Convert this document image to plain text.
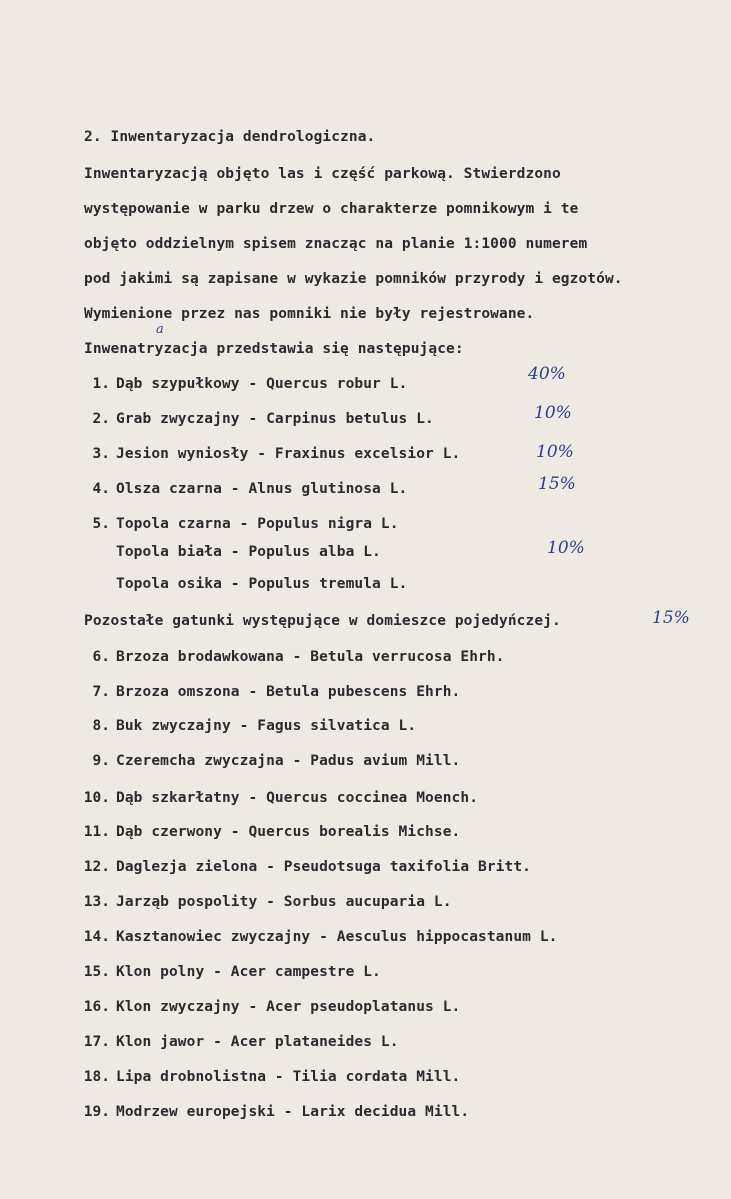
2. Inwentaryzacja dendrologiczna.
Inwentaryzacją objęto las i część parkową. Stwierdzono
występowanie w parku drzew o charakterze pomnikowym i te
objęto oddzielnym spisem znacząc na planie 1:1000 numerem
pod jakimi są zapisane w wykazie pomników przyrody i egzotów.
Wymienione przez nas pomniki nie były rejestrowane.
a
Inwenatryzacja przedstawia się następujące:
1. Dąb szypułkowy - Quercus robur L.	40%
2. Grab zwyczajny - Carpinus betulus L.	10%
3. Jesion wyniosły - Fraxinus excelsior L.	10%
4. Olsza czarna - Alnus glutinosa L.	15%
5. Topola czarna - Populus nigra L.
Topola biała - Populus alba L.	10%
Topola osika - Populus tremula L.
Pozostałe gatunki występujące w domieszce pojedyńczej.	15%
6. Brzoza brodawkowana - Betula verrucosa Ehrh.
7. Brzoza omszona - Betula pubescens Ehrh.
8. Buk zwyczajny - Fagus silvatica L.
9. Czeremcha zwyczajna - Padus avium Mill.
10. Dąb szkarłatny - Quercus coccinea Moench.
11. Dąb czerwony - Quercus borealis Michse.
12. Daglezja zielona - Pseudotsuga taxifolia Britt.
13. Jarząb pospolity - Sorbus aucuparia L.
14. Kasztanowiec zwyczajny - Aesculus hippocastanum L.
15. Klon polny - Acer campestre L.
16. Klon zwyczajny - Acer pseudoplatanus L.
17. Klon jawor - Acer plataneides L.
18. Lipa drobnolistna - Tilia cordata Mill.
19. Modrzew europejski - Larix decidua Mill.
